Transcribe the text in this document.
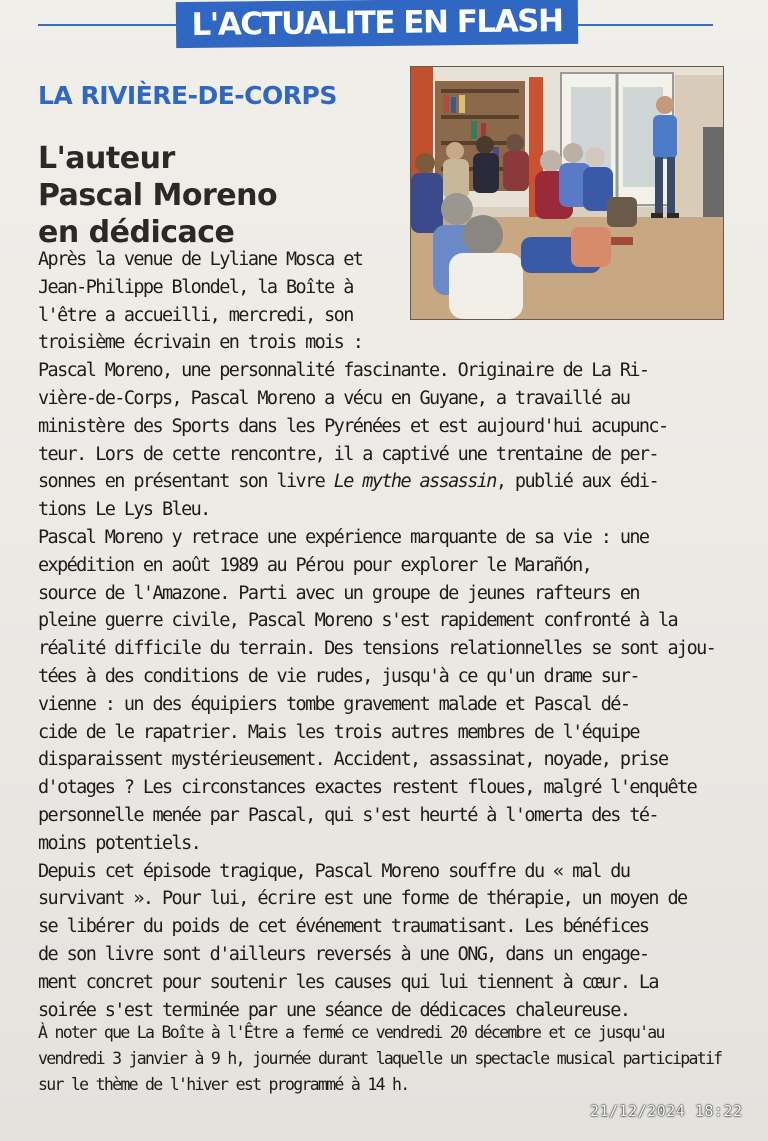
L'ACTUALITE EN FLASH
LA RIVIÈRE-DE-CORPS
L'auteur
Pascal Moreno
en dédicace
Après la venue de Lyliane Mosca et
Jean-Philippe Blondel, la Boîte à
l'être a accueilli, mercredi, son
troisième écrivain en trois mois :
Pascal Moreno, une personnalité fascinante. Originaire de La Ri-
vière-de-Corps, Pascal Moreno a vécu en Guyane, a travaillé au
ministère des Sports dans les Pyrénées et est aujourd'hui acupunc-
teur. Lors de cette rencontre, il a captivé une trentaine de per-
sonnes en présentant son livre Le mythe assassin, publié aux édi-
tions Le Lys Bleu.
Pascal Moreno y retrace une expérience marquante de sa vie : une
expédition en août 1989 au Pérou pour explorer le Marañón,
source de l'Amazone. Parti avec un groupe de jeunes rafteurs en
pleine guerre civile, Pascal Moreno s'est rapidement confronté à la
réalité difficile du terrain. Des tensions relationnelles se sont ajou-
tées à des conditions de vie rudes, jusqu'à ce qu'un drame sur-
vienne : un des équipiers tombe gravement malade et Pascal dé-
cide de le rapatrier. Mais les trois autres membres de l'équipe
disparaissent mystérieusement. Accident, assassinat, noyade, prise
d'otages ? Les circonstances exactes restent floues, malgré l'enquête
personnelle menée par Pascal, qui s'est heurté à l'omerta des té-
moins potentiels.
Depuis cet épisode tragique, Pascal Moreno souffre du « mal du
survivant ». Pour lui, écrire est une forme de thérapie, un moyen de
se libérer du poids de cet événement traumatisant. Les bénéfices
de son livre sont d'ailleurs reversés à une ONG, dans un engage-
ment concret pour soutenir les causes qui lui tiennent à cœur. La
soirée s'est terminée par une séance de dédicaces chaleureuse.
À noter que La Boîte à l'Être a fermé ce vendredi 20 décembre et ce jusqu'au
vendredi 3 janvier à 9 h, journée durant laquelle un spectacle musical participatif
sur le thème de l'hiver est programmé à 14 h.
21/12/2024 18:22
